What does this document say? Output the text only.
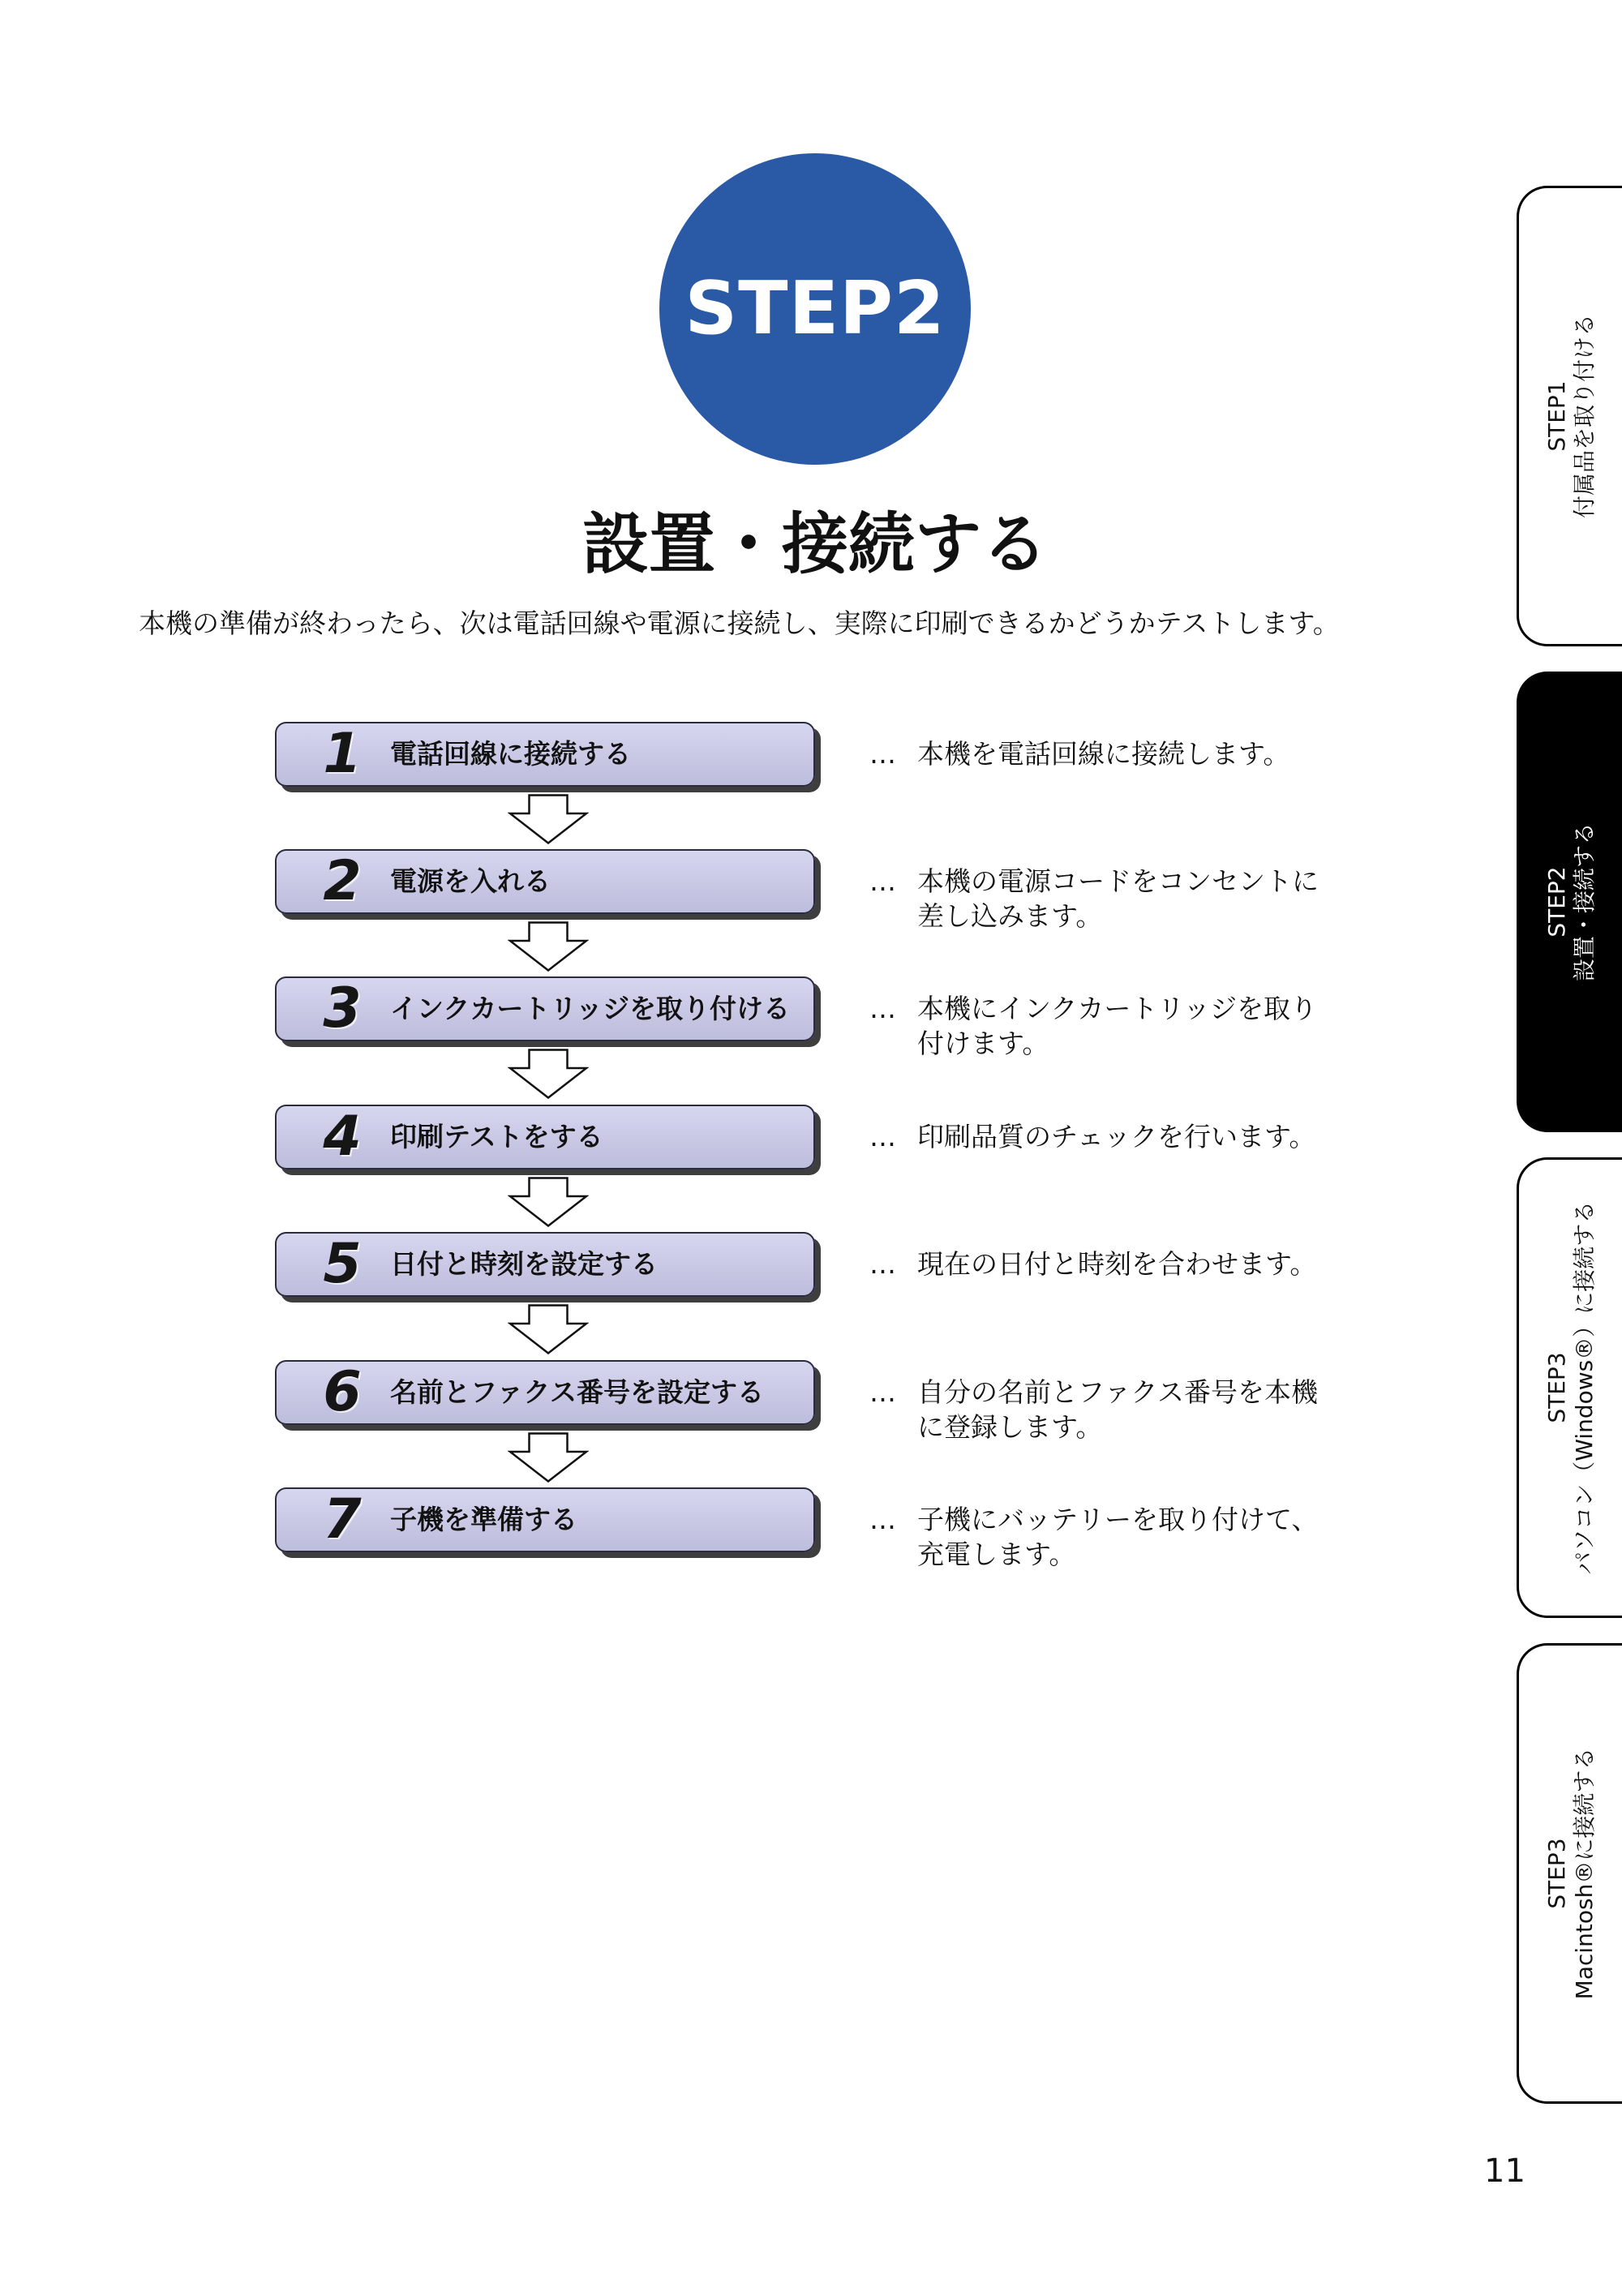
STEP2
設置・接続する
本機の準備が終わったら、次は電話回線や電源に接続し、実際に印刷できるかどうかテストします。
1	電話回線に接続する	… 本機を電話回線に接続します。
2	電源を入れる	… 本機の電源コードをコンセントに
差し込みます。
3	インクカートリッジを取り付ける	… 本機にインクカートリッジを取り
付けます。
4	印刷テストをする	… 印刷品質のチェックを行います。
5	日付と時刻を設定する	… 現在の日付と時刻を合わせます。
6	名前とファクス番号を設定する	… 自分の名前とファクス番号を本機
に登録します。
7	子機を準備する	… 子機にバッテリーを取り付けて、
充電します。
STEP1 付属品を取り付ける
STEP2 設置・接続する
STEP3 パソコン（Windows®）に接続する
STEP3 Macintosh®に接続する
11
